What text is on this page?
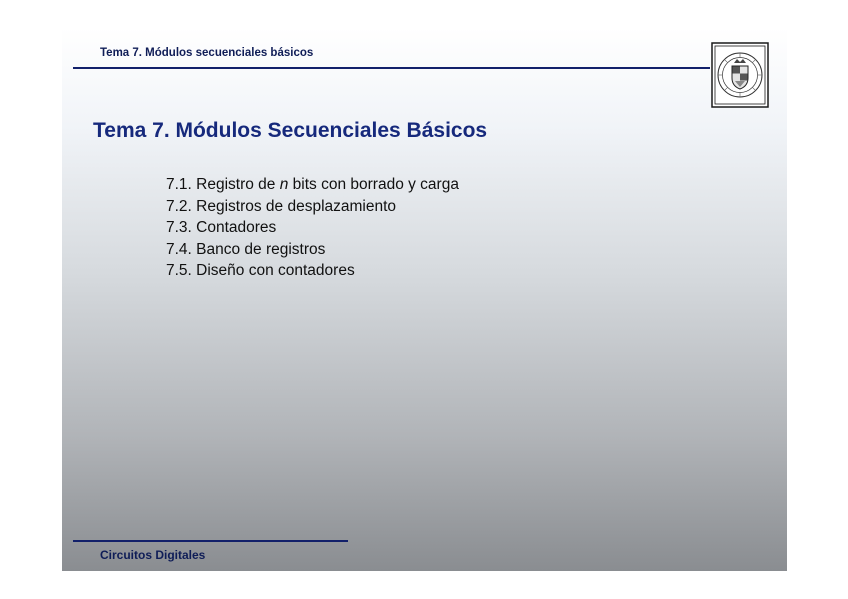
Tema 7. Módulos secuenciales básicos
Tema 7. Módulos Secuenciales Básicos
7.1. Registro de n bits con borrado y carga
7.2. Registros de desplazamiento
7.3. Contadores
7.4. Banco de registros
7.5. Diseño con contadores
Circuitos Digitales
